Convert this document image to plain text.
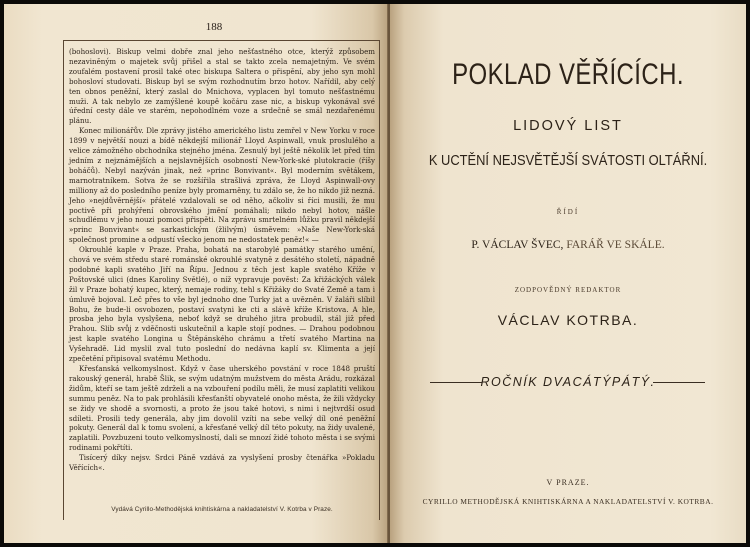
188

(bohoslovi). Biskup velmi dobře znal jeho nešťastného otce, kterýž způsobem nezaviněným o majetek svůj přišel a stal se takto zcela nemajetným. Ve svém zoufalém postavení prosil také otec biskupa Saltera o přispění, aby jeho syn mohl bohosloví studovati. Biskup byl se svým rozhodnutím brzo hotov. Nařídil, aby celý ten obnos peněžní, který zaslal do Mnichova, vyplacen byl tomuto nešťastnému muži. A tak nebylo ze zamýšlené koupě kočáru zase nic, a biskup vykonával své úřední cesty dále ve starém, nepohodlném voze a srdečně se smál nezdařenému plánu.

Konec milionářův. Dle zprávy jistého amerického listu zemřel v New Yorku v roce 1899 v největší nouzi a bídě někdejší milionář Lloyd Aspinwall, vnuk proslulého a velice zámožného obchodníka stejného jména. Zesnulý byl ještě několik let před tím jedním z nejznámějších a nejslavnějších osobností New-York-ské plutokracie (říšy boháčů). Nebyl nazýván jinak, než »princ Bonvivant«. Byl moderním světákem, marnotratníkem. Sotva že se rozšířila strašlivá zpráva, že Lloyd Aspinwall-ovy milliony až do posledního peníze byly promarněny, tu zdálo se, že ho nikdo již nezná. Jeho »nejdůvěrnější« přátelé vzdalovali se od něho, ačkoliv si říci musili, že mu poctivě při prohýření obrovského jmění pomáhali; nikdo nebyl hotov, nášle schudlému v jeho nouzi pomoci přispěti. Na zprávu smrtelném lůžku pravil někdejší »princ Bonvivant« se sarkastickým (žlilvým) úsměvem: »Naše New-York-ská společnost promine a odpustí všecko jenom ne nedostatek peněz!« —

Okrouhlé kaple v Praze. Praha, bohatá na starobylé památky starého umění, chová ve svém středu staré románské okrouhlé svatyně z desátého století, nápadně podobné kapli svatého Jiří na Řípu. Jednou z těch jest kaple svatého Kříže v Poštovské ulici (dnes Karoliny Světlé), o níž vypravuje pověst: Za křižáckých válek žil v Praze bohatý kupec, který, nemaje rodiny, tehl s Křižáky do Svaté Země a tam i úmluvě bojoval. Leč přes to vše byl jednoho dne Turky jat a uvězněn. V žaláři slíbil Bohu, že bude-li osvobozen, postaví svatyni ke cti a slávě kříže Kristova. A hle, prosba jeho byla vyslyšena, neboť když se druhého jitra probudil, stál již před Prahou. Slib svůj z vděčnosti uskutečnil a kaple stojí podnes. — Drahou podobnou jest kaple svatého Longina u Štěpánského chrámu a třetí svatého Martina na Vyšehradě. Lid myslil zval tuto poslední do nedávna kaplí sv. Klimenta a její zpečetění připisoval svatému Methodu.

Křesťanská velkomyslnost. Když v čase uherského povstání v roce 1848 pruští rakouský generál, hrabě Šlik, se svým udatným mužstvem do města Arádu, rozkázal židům, kteří se tam ještě zdrželi a na vzbouření podílu měli, že musí zaplatiti velikou summu peněz. Na to pak prohlásili křesťanští obyvatelé onoho města, že žili vždycky se židy ve shodě a svornosti, a proto že jsou také hotovi, s nimi i nejtvrdší osud sdíleti. Prosili tedy generála, aby jim dovolil vzíti na sebe velký díl oné peněžní pokuty. Generál dal k tomu svolení, a křesťané velký díl této pokuty, na židy uvalené, zaplatili. Povzbuzeni touto velkomyslností, dali se mnozí židé tohoto města i se svými rodinami pokřtíti.

Tisícerý díky nejsv. Srdci Páně vzdává za vyslyšení prosby čtenářka »Pokladu Věřících«.

Vydává Cyrillo-Methodějská knihtiskárna a nakladatelství V. Kotrba v Praze.
POKLAD VĚŘÍCÍCH.
LIDOVÝ LIST
K UCTĚNÍ NEJSVĚTĚJŠÍ SVÁTOSTI OLTÁŘNÍ.
ŘÍDÍ
P. VÁCLAV ŠVEC, FARÁŘ VE SKÁLE.
ZODPOVĚDNÝ REDAKTOR
VÁCLAV KOTRBA.
ROČNÍK DVACÁTÝPÁTÝ.
V PRAZE.
CYRILLO METHODĚJSKÁ KNIHTISKÁRNA A NAKLADATELSTVÍ V. KOTRBA.
